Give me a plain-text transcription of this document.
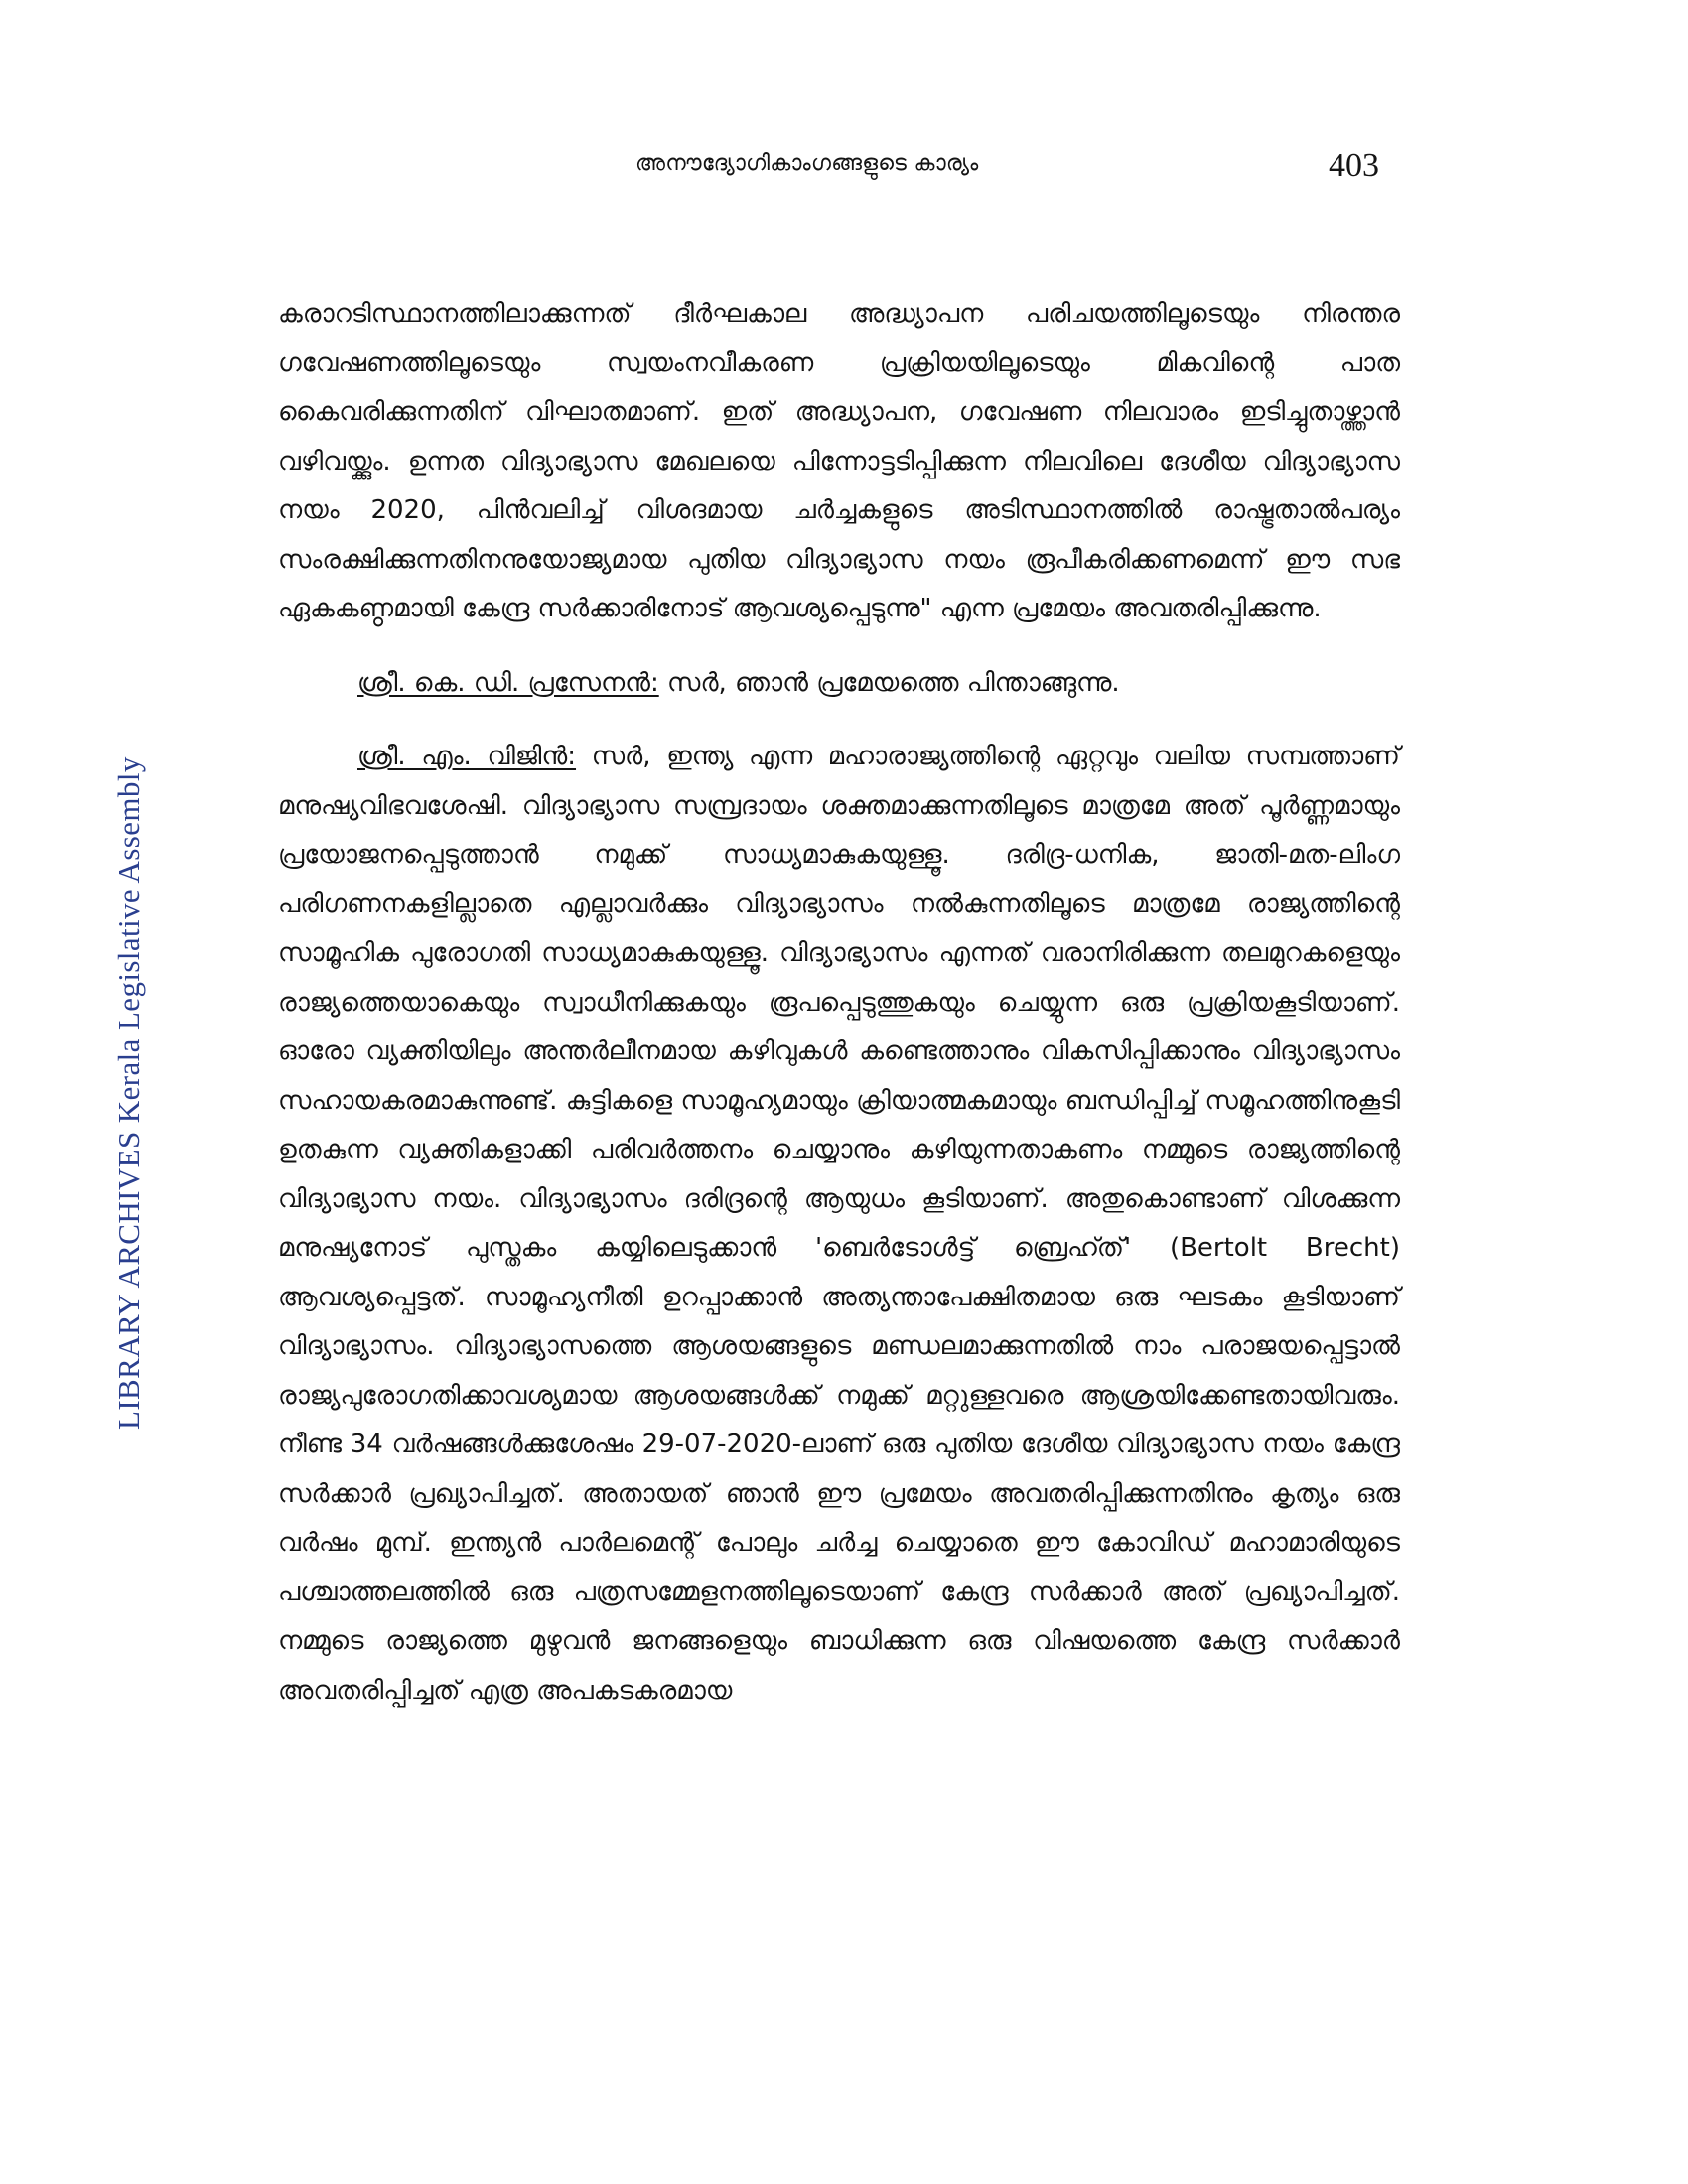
അനൗദ്യോഗികാംഗങ്ങളുടെ കാര്യം	403
LIBRARY ARCHIVES Kerala Legislative Assembly

കരാറടിസ്ഥാനത്തിലാക്കുന്നത് ദീർഘകാല അദ്ധ്യാപന പരിചയത്തിലൂടെയും നിരന്തര ഗവേഷണത്തിലൂടെയും സ്വയംനവീകരണ പ്രക്രിയയിലൂടെയും മികവിന്റെ പാത കൈവരിക്കുന്നതിന് വിഘാതമാണ്. ഇത് അദ്ധ്യാപന, ഗവേഷണ നിലവാരം ഇടിച്ചുതാഴ്ത്താൻ വഴിവയ്ക്കും. ഉന്നത വിദ്യാഭ്യാസ മേഖലയെ പിന്നോട്ടടിപ്പിക്കുന്ന നിലവിലെ ദേശീയ വിദ്യാഭ്യാസ നയം 2020, പിൻവലിച്ച് വിശദമായ ചർച്ചകളുടെ അടിസ്ഥാനത്തിൽ രാഷ്ട്രതാൽപര്യം സംരക്ഷിക്കുന്നതിനനുയോജ്യമായ പുതിയ വിദ്യാഭ്യാസ നയം രൂപീകരിക്കണമെന്ന് ഈ സഭ ഏകകണ്ഠമായി കേന്ദ്ര സർക്കാരിനോട് ആവശ്യപ്പെടുന്നു" എന്ന പ്രമേയം അവതരിപ്പിക്കുന്നു.

ശ്രീ. കെ. ഡി. പ്രസേനൻ: സർ, ഞാൻ പ്രമേയത്തെ പിന്താങ്ങുന്നു.

ശ്രീ. എം. വിജിൻ: സർ, ഇന്ത്യ എന്ന മഹാരാജ്യത്തിന്റെ ഏറ്റവും വലിയ സമ്പത്താണ് മനുഷ്യവിഭവശേഷി. വിദ്യാഭ്യാസ സമ്പ്രദായം ശക്തമാക്കുന്നതിലൂടെ മാത്രമേ അത് പൂർണ്ണമായും പ്രയോജനപ്പെടുത്താൻ നമുക്ക് സാധ്യമാകുകയുള്ളൂ. ദരിദ്ര-ധനിക, ജാതി-മത-ലിംഗ പരിഗണനകളില്ലാതെ എല്ലാവർക്കും വിദ്യാഭ്യാസം നൽകുന്നതിലൂടെ മാത്രമേ രാജ്യത്തിന്റെ സാമൂഹിക പുരോഗതി സാധ്യമാകുകയുള്ളൂ. വിദ്യാഭ്യാസം എന്നത് വരാനിരിക്കുന്ന തലമുറകളെയും രാജ്യത്തെയാകെയും സ്വാധീനിക്കുകയും രൂപപ്പെടുത്തുകയും ചെയ്യുന്ന ഒരു പ്രക്രിയകൂടിയാണ്. ഓരോ വ്യക്തിയിലും അന്തർലീനമായ കഴിവുകൾ കണ്ടെത്താനും വികസിപ്പിക്കാനും വിദ്യാഭ്യാസം സഹായകരമാകുന്നുണ്ട്. കുട്ടികളെ സാമൂഹ്യമായും ക്രിയാത്മകമായും ബന്ധിപ്പിച്ച് സമൂഹത്തിനുകൂടി ഉതകുന്ന വ്യക്തികളാക്കി പരിവർത്തനം ചെയ്യാനും കഴിയുന്നതാകണം നമ്മുടെ രാജ്യത്തിന്റെ വിദ്യാഭ്യാസ നയം. വിദ്യാഭ്യാസം ദരിദ്രന്റെ ആയുധം കൂടിയാണ്. അതുകൊണ്ടാണ് വിശക്കുന്ന മനുഷ്യനോട് പുസ്തകം കയ്യിലെടുക്കാൻ 'ബെർടോൾട്ട് ബ്രെഹ്ത്' (Bertolt Brecht) ആവശ്യപ്പെട്ടത്. സാമൂഹ്യനീതി ഉറപ്പാക്കാൻ അത്യന്താപേക്ഷിതമായ ഒരു ഘടകം കൂടിയാണ് വിദ്യാഭ്യാസം. വിദ്യാഭ്യാസത്തെ ആശയങ്ങളുടെ മണ്ഡലമാക്കുന്നതിൽ നാം പരാജയപ്പെട്ടാൽ രാജ്യപുരോഗതിക്കാവശ്യമായ ആശയങ്ങൾക്ക് നമുക്ക് മറ്റുള്ളവരെ ആശ്രയിക്കേണ്ടതായിവരും. നീണ്ട 34 വർഷങ്ങൾക്കുശേഷം 29-07-2020-ലാണ് ഒരു പുതിയ ദേശീയ വിദ്യാഭ്യാസ നയം കേന്ദ്ര സർക്കാർ പ്രഖ്യാപിച്ചത്. അതായത് ഞാൻ ഈ പ്രമേയം അവതരിപ്പിക്കുന്നതിനും കൃത്യം ഒരു വർഷം മുമ്പ്. ഇന്ത്യൻ പാർലമെന്റ് പോലും ചർച്ച ചെയ്യാതെ ഈ കോവിഡ് മഹാമാരിയുടെ പശ്ചാത്തലത്തിൽ ഒരു പത്രസമ്മേളനത്തിലൂടെയാണ് കേന്ദ്ര സർക്കാർ അത് പ്രഖ്യാപിച്ചത്. നമ്മുടെ രാജ്യത്തെ മുഴുവൻ ജനങ്ങളെയും ബാധിക്കുന്ന ഒരു വിഷയത്തെ കേന്ദ്ര സർക്കാർ അവതരിപ്പിച്ചത് എത്ര അപകടകരമായ
